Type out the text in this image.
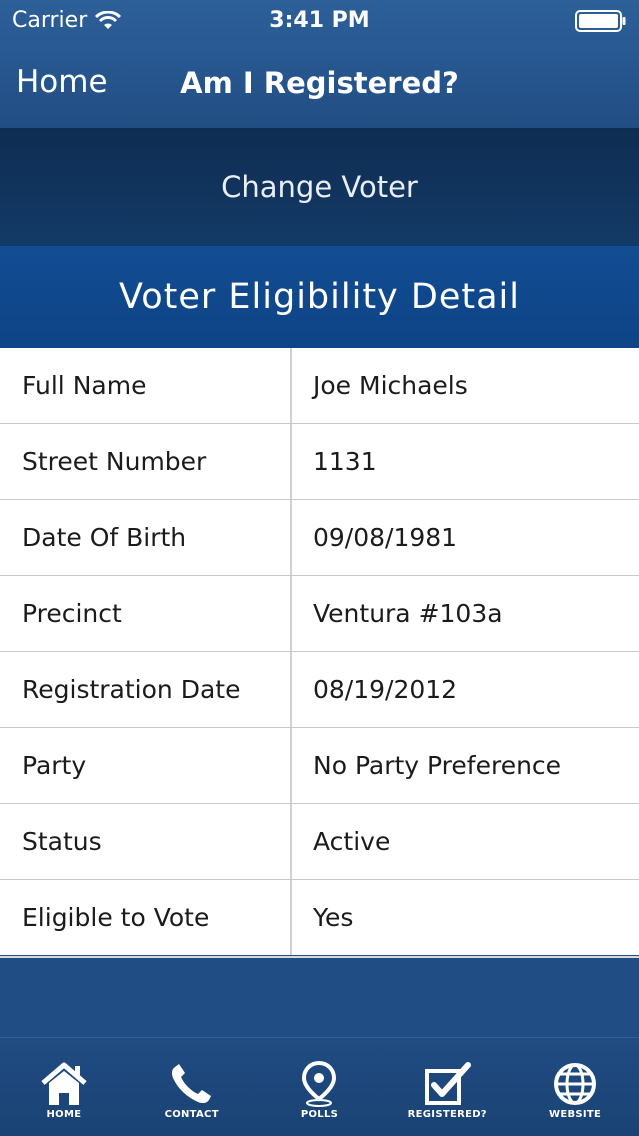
Carrier	3:41 PM
Home	Am I Registered?
Change Voter
Voter Eligibility Detail
Full Name	Joe Michaels
Street Number	1131
Date Of Birth	09/08/1981
Precinct	Ventura #103a
Registration Date	08/19/2012
Party	No Party Preference
Status	Active
Eligible to Vote	Yes
HOME	CONTACT	POLLS	REGISTERED?	WEBSITE
